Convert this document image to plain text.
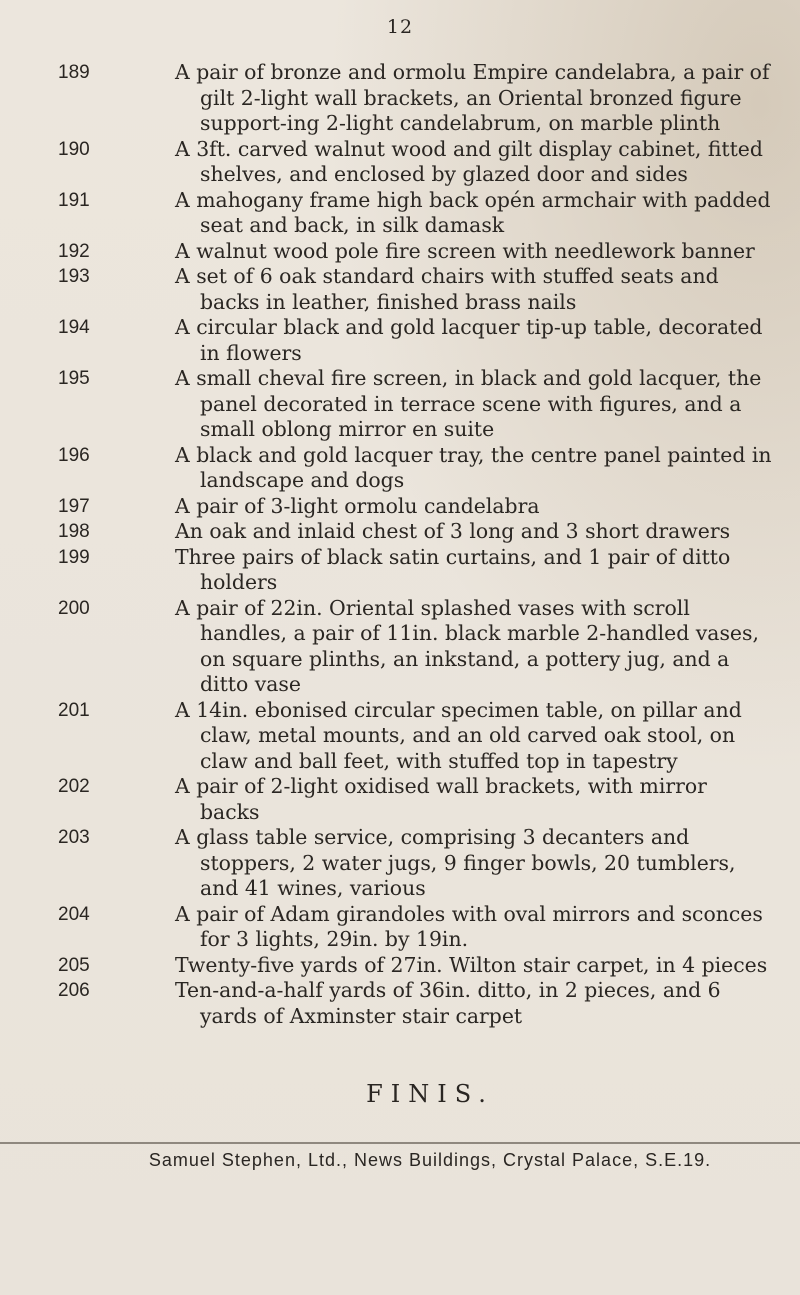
12
189	A pair of bronze and ormolu Empire candelabra, a pair of gilt 2-light wall brackets, an Oriental bronzed figure support-ing 2-light candelabrum, on marble plinth
190	A 3ft. carved walnut wood and gilt display cabinet, fitted shelves, and enclosed by glazed door and sides
191	A mahogany frame high back opén armchair with padded seat and back, in silk damask
192	A walnut wood pole fire screen with needlework banner
193	A set of 6 oak standard chairs with stuffed seats and backs in leather, finished brass nails
194	A circular black and gold lacquer tip-up table, decorated in flowers
195	A small cheval fire screen, in black and gold lacquer, the panel decorated in terrace scene with figures, and a small oblong mirror en suite
196	A black and gold lacquer tray, the centre panel painted in landscape and dogs
197	A pair of 3-light ormolu candelabra
198	An oak and inlaid chest of 3 long and 3 short drawers
199	Three pairs of black satin curtains, and 1 pair of ditto holders
200	A pair of 22in. Oriental splashed vases with scroll handles, a pair of 11in. black marble 2-handled vases, on square plinths, an inkstand, a pottery jug, and a ditto vase
201	A 14in. ebonised circular specimen table, on pillar and claw, metal mounts, and an old carved oak stool, on claw and ball feet, with stuffed top in tapestry
202	A pair of 2-light oxidised wall brackets, with mirror backs
203	A glass table service, comprising 3 decanters and stoppers, 2 water jugs, 9 finger bowls, 20 tumblers, and 41 wines, various
204	A pair of Adam girandoles with oval mirrors and sconces for 3 lights, 29in. by 19in.
205	Twenty-five yards of 27in. Wilton stair carpet, in 4 pieces
206	Ten-and-a-half yards of 36in. ditto, in 2 pieces, and 6 yards of Axminster stair carpet
FINIS.
Samuel Stephen, Ltd., News Buildings, Crystal Palace, S.E.19.
